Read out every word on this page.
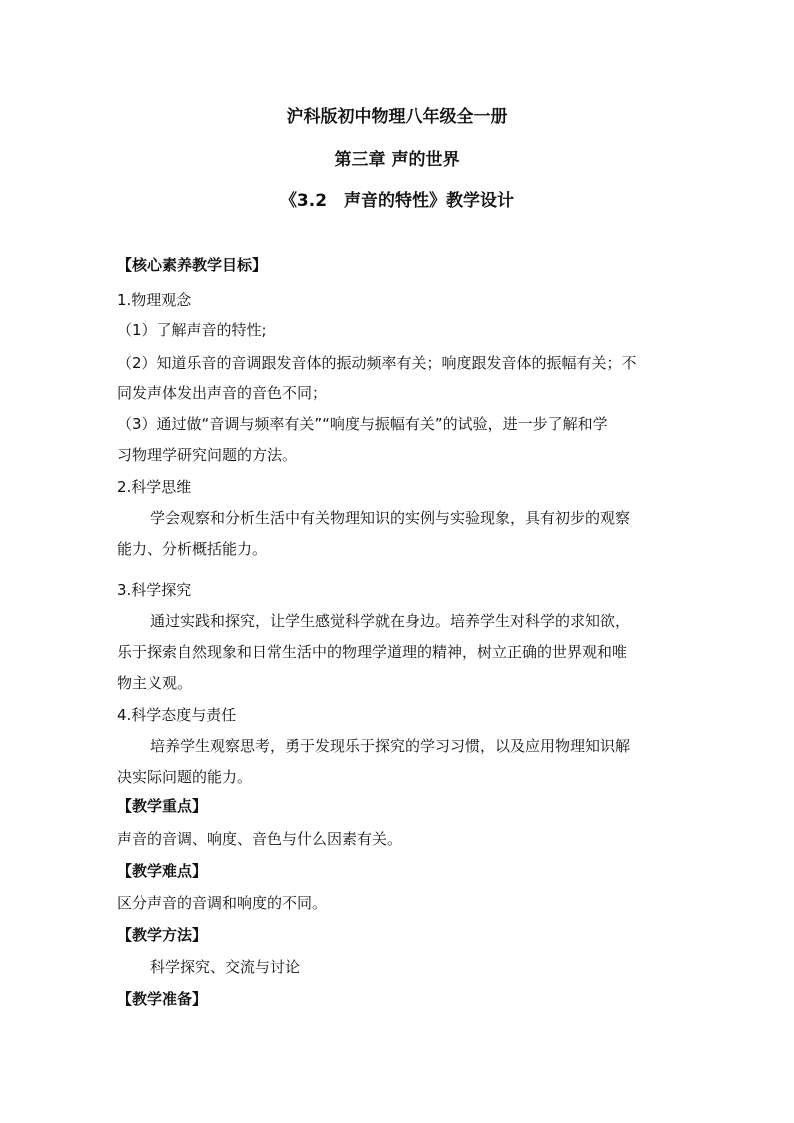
沪科版初中物理八年级全一册
第三章 声的世界
《3.2　声音的特性》教学设计
【核心素养教学目标】
1.物理观念
（1）了解声音的特性;
（2）知道乐音的音调跟发音体的振动频率有关；响度跟发音体的振幅有关；不
同发声体发出声音的音色不同；
（3）通过做“音调与频率有关”“响度与振幅有关”的试验，进一步了解和学
习物理学研究问题的方法。
2.科学思维
学会观察和分析生活中有关物理知识的实例与实验现象，具有初步的观察
能力、分析概括能力。
3.科学探究
通过实践和探究，让学生感觉科学就在身边。培养学生对科学的求知欲，
乐于探索自然现象和日常生活中的物理学道理的精神，树立正确的世界观和唯
物主义观。
4.科学态度与责任
培养学生观察思考，勇于发现乐于探究的学习习惯，以及应用物理知识解
决实际问题的能力。
【教学重点】
声音的音调、响度、音色与什么因素有关。
【教学难点】
区分声音的音调和响度的不同。
【教学方法】
科学探究、交流与讨论
【教学准备】
